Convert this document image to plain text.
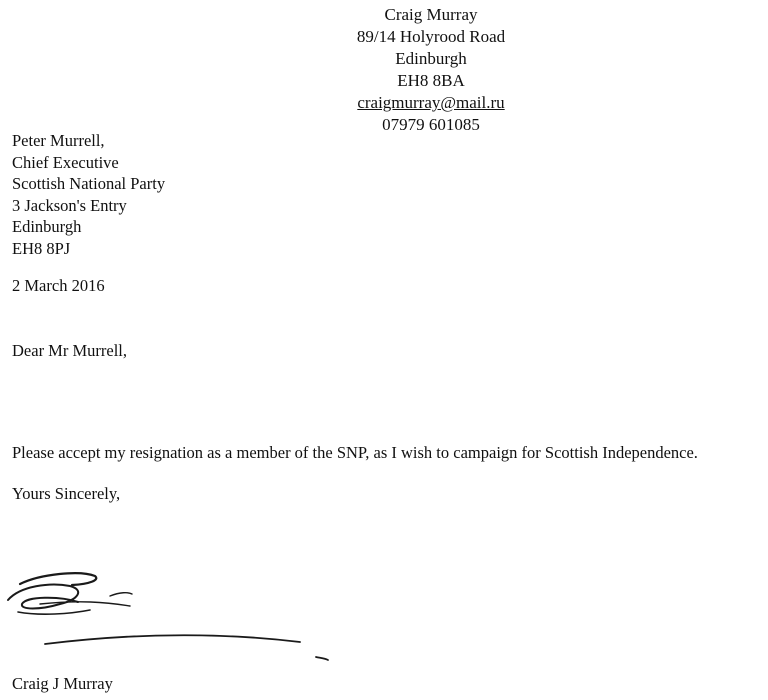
Craig Murray
89/14 Holyrood Road
Edinburgh
EH8 8BA
craigmurray@mail.ru
07979 601085
Peter Murrell,
Chief Executive
Scottish National Party
3 Jackson's Entry
Edinburgh
EH8 8PJ
2 March 2016
Dear Mr Murrell,
Please accept my resignation as a member of the SNP, as I wish to campaign for Scottish Independence.
Yours Sincerely,
Craig J Murray
